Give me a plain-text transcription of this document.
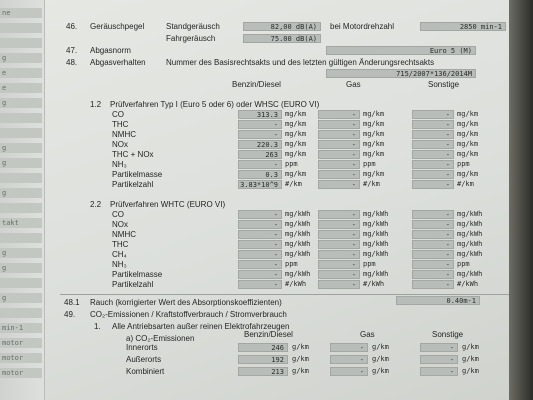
ne
g
e
e
g
g
g
g
takt
g
g
g
min-1
motor
motor
motor
46. Geräuschpegel	Standgeräusch	82,00 dB(A)
Fahrgeräusch	75.00 dB(A)
bei Motordrehzahl	2850 min-1
47. Abgasnorm	Euro 5 (M)
48. Abgasverhalten	Nummer des Basisrechtsakts und des letzten gültigen Änderungsrechtsakts
715/2007*136/2014M
Benzin/Diesel	Gas	Sonstige
1.2 Prüfverfahren Typ I (Euro 5 oder 6) oder WHSC (EURO VI)
CO	313.3	mg/km	-	mg/km	-	mg/km
THC	-	mg/km	-	mg/km	-	mg/km
NMHC	-	mg/km	-	mg/km	-	mg/km
NOx	220.3	mg/km	-	mg/km	-	mg/km
THC + NOx	263	mg/km	-	mg/km	-	mg/km
NH₃	-	ppm	-	ppm	-	ppm
Partikelmasse	0.3	mg/km	-	mg/km	-	mg/km
Partikelzahl	3.83*10^9	#/km	-	#/km	-	#/km
2.2 Prüfverfahren WHTC (EURO VI)
CO	-	mg/kWh	-	mg/kWh	-	mg/kWh
NOx	-	mg/kWh	-	mg/kWh	-	mg/kWh
NMHC	-	mg/kWh	-	mg/kWh	-	mg/kWh
THC	-	mg/kWh	-	mg/kWh	-	mg/kWh
CH₄	-	mg/kWh	-	mg/kWh	-	mg/kWh
NH₃	-	ppm	-	ppm	-	ppm
Partikelmasse	-	mg/kWh	-	mg/kWh	-	mg/kWh
Partikelzahl	-	#/kWh	-	#/kWh	-	#/kWh
48.1 Rauch (korrigierter Wert des Absorptionskoeffizienten)	0.40m-1
49. CO₂-Emissionen / Kraftstoffverbrauch / Stromverbrauch
1. Alle Antriebsarten außer reinen Elektrofahrzeugen
a) CO₂-Emissionen	Benzin/Diesel	Gas	Sonstige
Innerorts	246	g/km	-	g/km	-	g/km
Außerorts	192	g/km	-	g/km	-	g/km
Kombiniert	213	g/km	-	g/km	-	g/km
